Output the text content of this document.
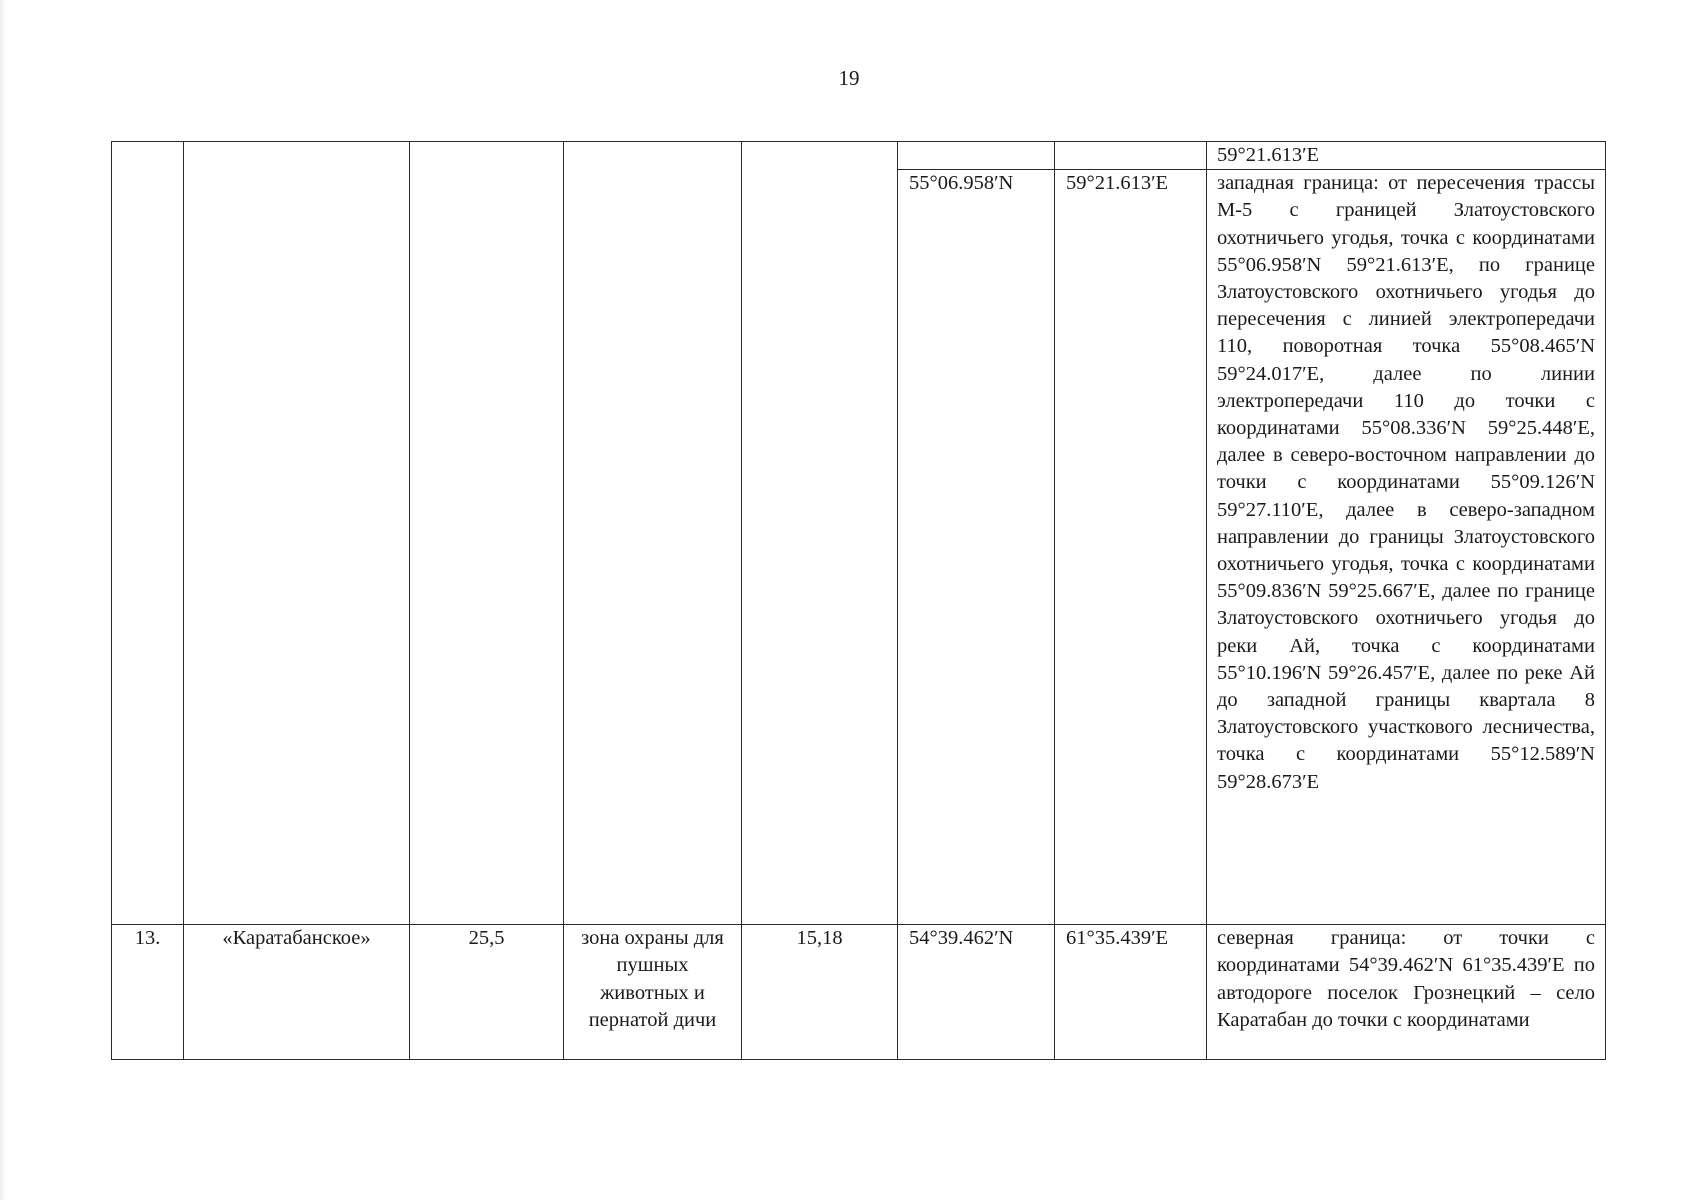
19
							59°21.613′E
					55°06.958′N	59°21.613′E	западная граница: от пересечения трассы М-5 с границей Златоустовского охотничьего угодья, точка с координатами 55°06.958′N 59°21.613′E, по границе Златоустовского охотничьего угодья до пересечения с линией электропередачи 110, поворотная точка 55°08.465′N 59°24.017′E, далее по линии электропередачи 110 до точки с координатами 55°08.336′N 59°25.448′E, далее в северо-восточном направлении до точки с координатами 55°09.126′N 59°27.110′E, далее в северо-западном направлении до границы Златоустовского охотничьего угодья, точка с координатами 55°09.836′N 59°25.667′E, далее по границе Златоустовского охотничьего угодья до реки Ай, точка с координатами 55°10.196′N 59°26.457′E, далее по реке Ай до западной границы квартала 8 Златоустовского участкового лесничества, точка с координатами 55°12.589′N 59°28.673′E
13.	«Каратабанское»	25,5	зона охраны для пушных животных и пернатой дичи	15,18	54°39.462′N	61°35.439′E	северная граница: от точки с координатами 54°39.462′N 61°35.439′E по автодороге поселок Грознецкий – село Каратабан до точки с координатами
